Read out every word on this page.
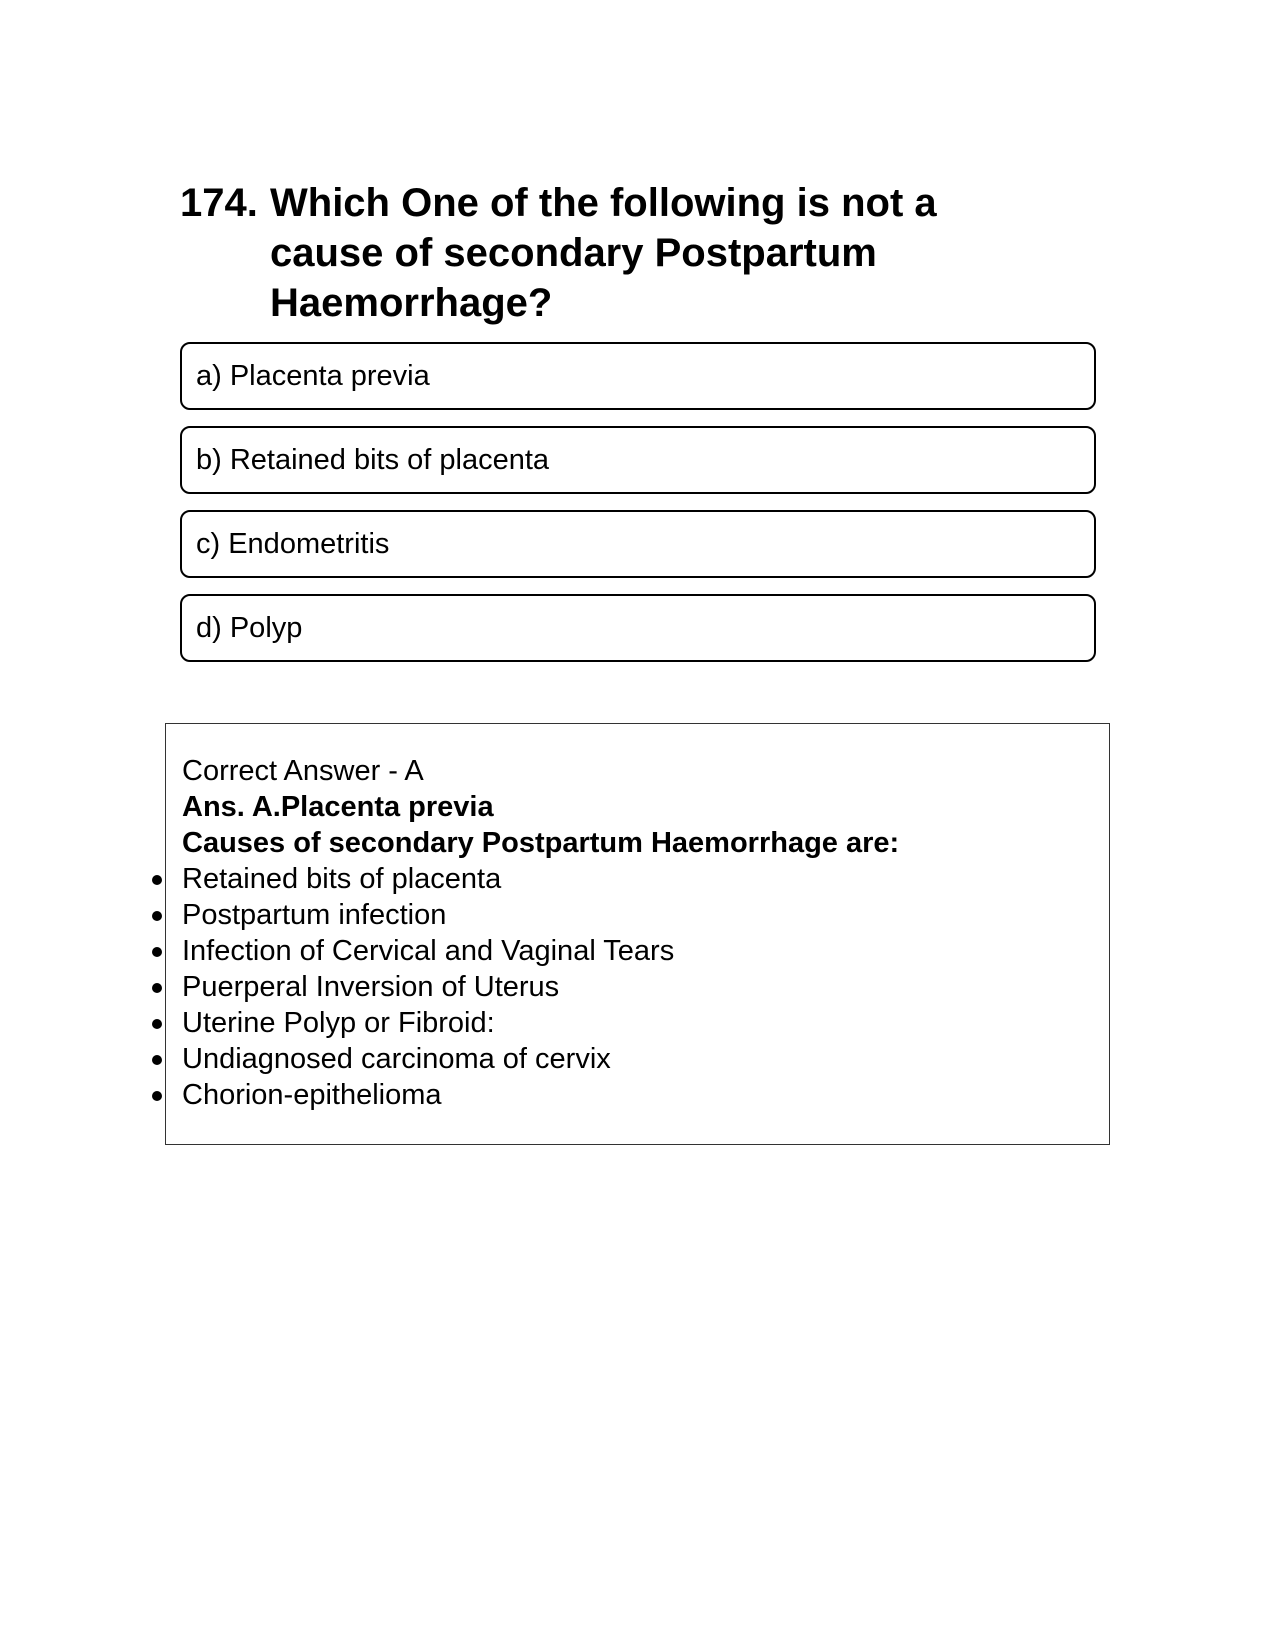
174. Which One of the following is not a cause of secondary Postpartum Haemorrhage?
a) Placenta previa
b) Retained bits of placenta
c) Endometritis
d) Polyp
Correct Answer - A
Ans. A.Placenta previa
Causes of secondary Postpartum Haemorrhage are:
Retained bits of placenta
Postpartum infection
Infection of Cervical and Vaginal Tears
Puerperal Inversion of Uterus
Uterine Polyp or Fibroid:
Undiagnosed carcinoma of cervix
Chorion-epithelioma
